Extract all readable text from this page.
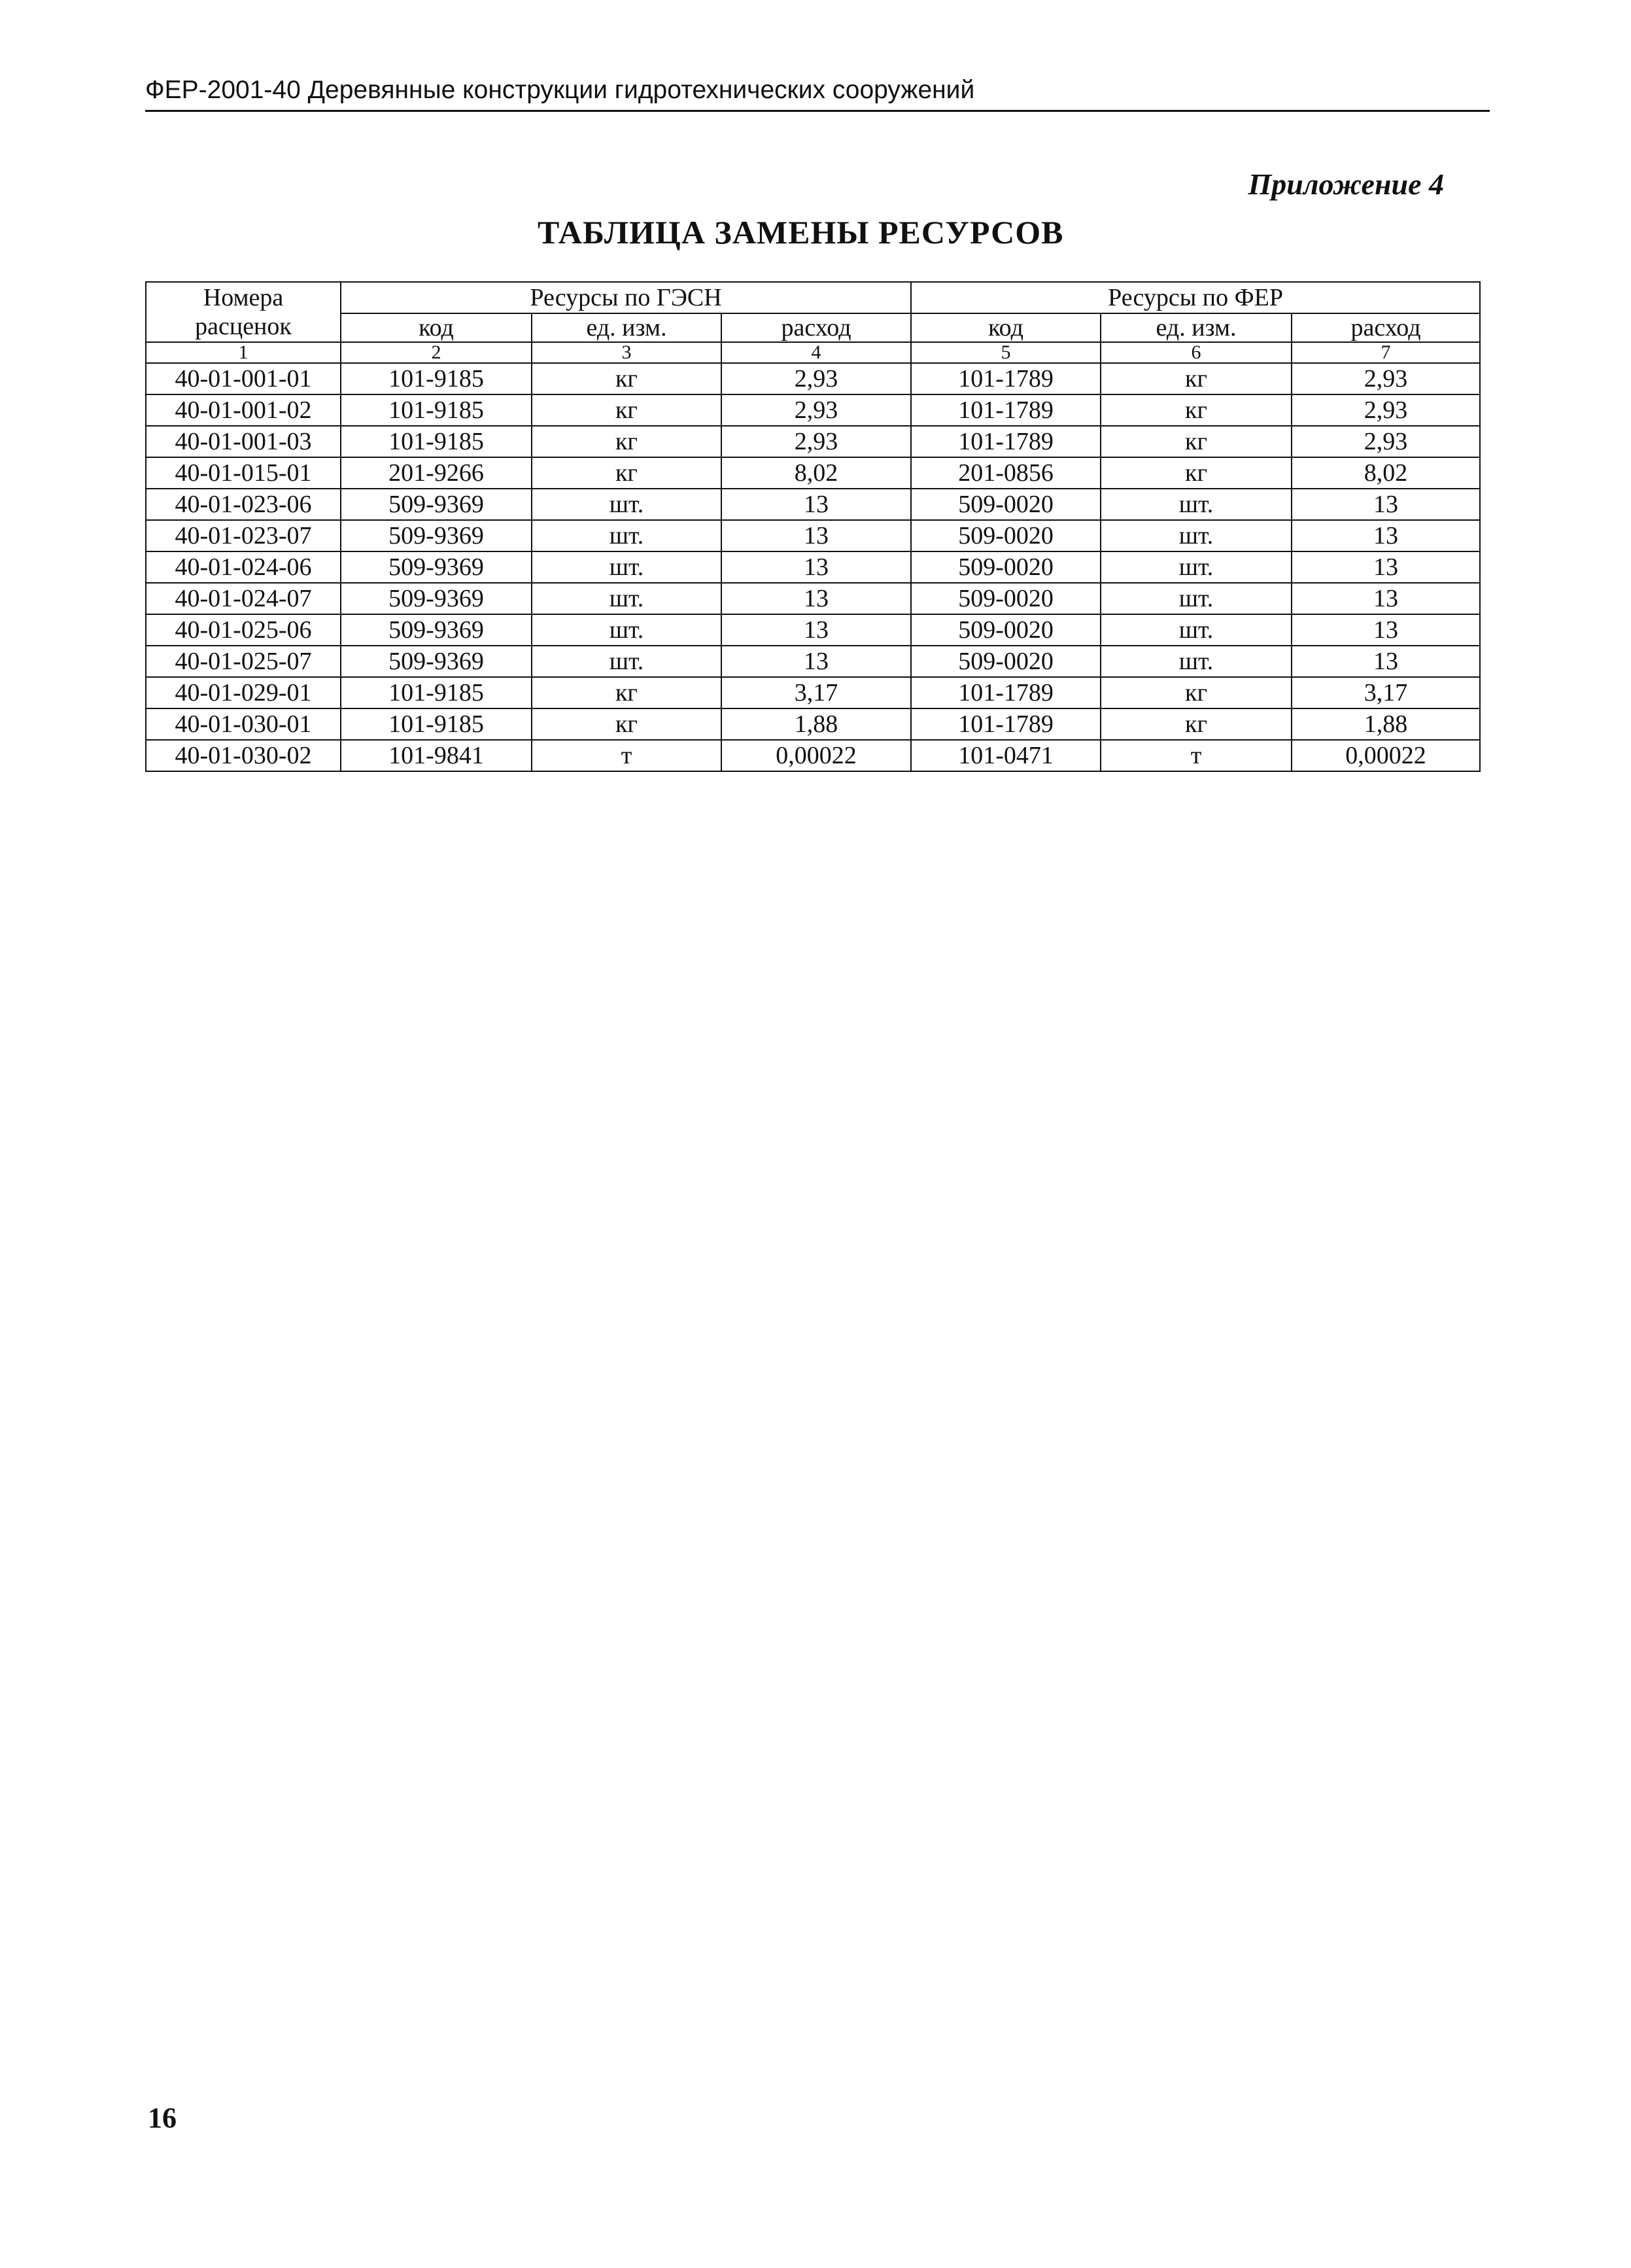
ФЕР-2001-40 Деревянные конструкции гидротехнических сооружений
Приложение 4
ТАБЛИЦА ЗАМЕНЫ РЕСУРСОВ
Номера расценок	Ресурсы по ГЭСН			Ресурсы по ФЕР		
	код	ед. изм.	расход	код	ед. изм.	расход
1	2	3	4	5	6	7
40-01-001-01	101-9185	кг	2,93	101-1789	кг	2,93
40-01-001-02	101-9185	кг	2,93	101-1789	кг	2,93
40-01-001-03	101-9185	кг	2,93	101-1789	кг	2,93
40-01-015-01	201-9266	кг	8,02	201-0856	кг	8,02
40-01-023-06	509-9369	шт.	13	509-0020	шт.	13
40-01-023-07	509-9369	шт.	13	509-0020	шт.	13
40-01-024-06	509-9369	шт.	13	509-0020	шт.	13
40-01-024-07	509-9369	шт.	13	509-0020	шт.	13
40-01-025-06	509-9369	шт.	13	509-0020	шт.	13
40-01-025-07	509-9369	шт.	13	509-0020	шт.	13
40-01-029-01	101-9185	кг	3,17	101-1789	кг	3,17
40-01-030-01	101-9185	кг	1,88	101-1789	кг	1,88
40-01-030-02	101-9841	т	0,00022	101-0471	т	0,00022
16
